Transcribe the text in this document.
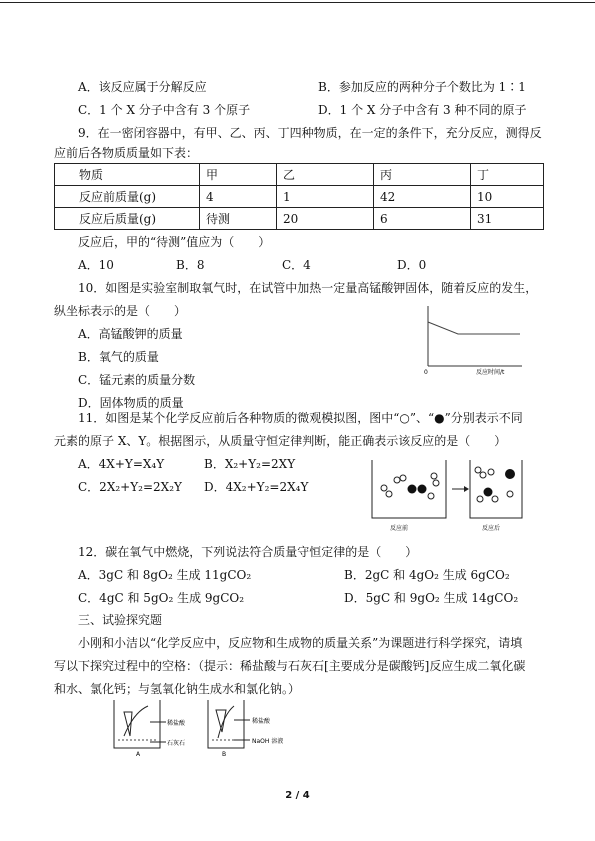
A．该反应属于分解反应	B．参加反应的两种分子个数比为 1∶1
C．1 个 X 分子中含有 3 个原子	D．1 个 X 分子中含有 3 种不同的原子
9．在一密闭容器中，有甲、乙、丙、丁四种物质，在一定的条件下，充分反应，测得反
应前后各物质质量如下表：
物质	甲	乙	丙	丁
反应前质量(g)	4	1	42	10
反应后质量(g)	待测	20	6	31
反应后，甲的“待测”值应为（　　）
A．10	B．8	C．4	D．0
10．如图是实验室制取氧气时，在试管中加热一定量高锰酸钾固体，随着反应的发生，
纵坐标表示的是（　　）
A．高锰酸钾的质量
B．氧气的质量
C．锰元素的质量分数
D．固体物质的质量
0	反应时间/t
11．如图是某个化学反应前后各种物质的微观模拟图，图中“○”、“●”分别表示不同
元素的原子 X、Y。根据图示，从质量守恒定律判断，能正确表示该反应的是（　　）
A．4X+Y=X₄Y	B．X₂+Y₂=2XY
C．2X₂+Y₂=2X₂Y D．4X₂+Y₂=2X₄Y
反应前	反应后
12．碳在氧气中燃烧，下列说法符合质量守恒定律的是（　　）
A．3gC 和 8gO₂ 生成 11gCO₂	B．2gC 和 4gO₂ 生成 6gCO₂
C．4gC 和 5gO₂ 生成 9gCO₂	D．5gC 和 9gO₂ 生成 14gCO₂
三、试验探究题
小刚和小洁以“化学反应中，反应物和生成物的质量关系”为课题进行科学探究，请填
写以下探究过程中的空格：（提示：稀盐酸与石灰石[主要成分是碳酸钙]反应生成二氧化碳
和水、氯化钙；与氢氧化钠生成水和氯化钠。）
稀盐酸
石灰石
A
稀盐酸
NaOH 溶液
B
2 / 4
